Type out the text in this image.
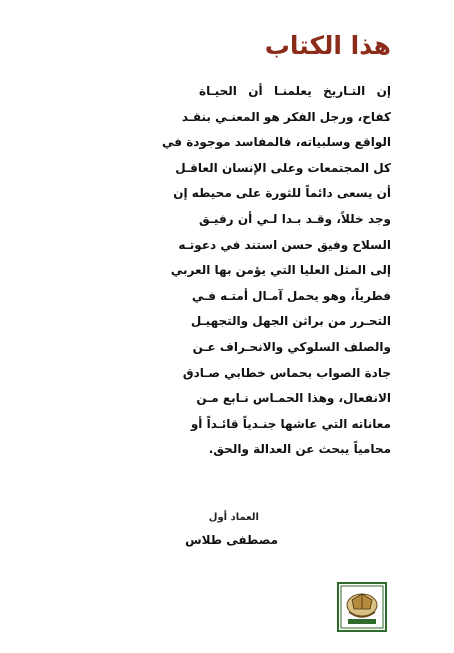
هذا الكتاب
إن التـاريخ يعلمنـا أن الحيـاة
كفاح، ورجل الفكر هو المعنـي بنقـد
الواقع وسلبياته، فالمفاسد موجودة في
كل المجتمعات وعلى الإنسان العاقـل
أن يسعى دائماً للثورة على محيطه إن
وجد خللاً، وقـد بـدا لـي أن رفيـق
السلاح وفيق حسن استند في دعوتـه
إلى المثل العليا التي يؤمن بها العربي
فطرياً، وهو يحمل آمـال أمتـه فـي
التحـرر من براثن الجهل والتجهيـل
والصلف السلوكي والانحـراف عـن
جادة الصواب بحماس خطابي صـادق
الانفعال، وهذا الحمـاس نـابع مـن
معاناته التي عاشها جنـدياً قائـداً أو
محامياً يبحث عن العدالة والحق.
العماد أول
مصطفى طلاس
